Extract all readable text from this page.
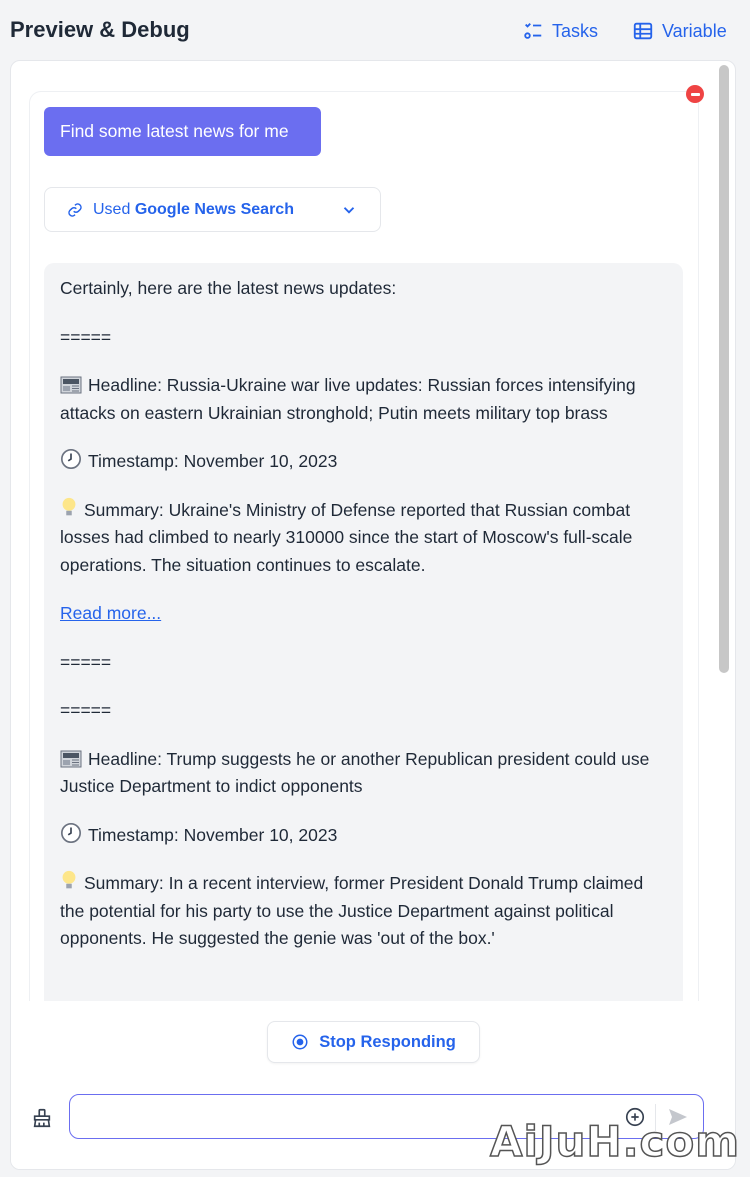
Preview & Debug	Tasks	Variable
Find some latest news for me
Used Google News Search

Certainly, here are the latest news updates:

=====

Headline: Russia-Ukraine war live updates: Russian forces intensifying attacks on eastern Ukrainian stronghold; Putin meets military top brass

Timestamp: November 10, 2023

Summary: Ukraine's Ministry of Defense reported that Russian combat losses had climbed to nearly 310000 since the start of Moscow's full-scale operations. The situation continues to escalate.

Read more...

=====

=====

Headline: Trump suggests he or another Republican president could use Justice Department to indict opponents

Timestamp: November 10, 2023

Summary: In a recent interview, former President Donald Trump claimed the potential for his party to use the Justice Department against political opponents. He suggested the genie was 'out of the box.'

Stop Responding
AiJuH.com
